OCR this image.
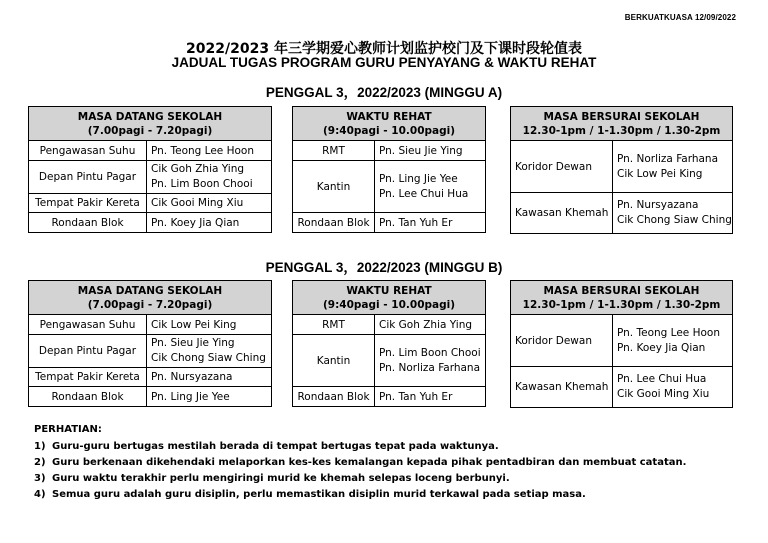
BERKUATKUASA 12/09/2022
2022/2023 年三学期爱心教师计划监护校门及下课时段轮值表
JADUAL TUGAS PROGRAM GURU PENYAYANG & WAKTU REHAT
PENGGAL 3，2022/2023 (MINGGU A)
MASA DATANG SEKOLAH
(7.00pagi - 7.20pagi)	
Pengawasan Suhu	Pn. Teong Lee Hoon
Depan Pintu Pagar	Cik Goh Zhia Ying
Pn. Lim Boon Chooi
Tempat Pakir Kereta	Cik Gooi Ming Xiu
Rondaan Blok	Pn. Koey Jia Qian
WAKTU REHAT
(9:40pagi - 10.00pagi)	
RMT	Pn. Sieu Jie Ying
Kantin	Pn. Ling Jie Yee
Pn. Lee Chui Hua
Rondaan Blok	Pn. Tan Yuh Er
MASA BERSURAI SEKOLAH
12.30-1pm / 1-1.30pm / 1.30-2pm	
Koridor Dewan	Pn. Norliza Farhana
Cik Low Pei King
Kawasan Khemah	Pn. Nursyazana
Cik Chong Siaw Ching
PENGGAL 3，2022/2023 (MINGGU B)
MASA DATANG SEKOLAH
(7.00pagi - 7.20pagi)	
Pengawasan Suhu	Cik Low Pei King
Depan Pintu Pagar	Pn. Sieu Jie Ying
Cik Chong Siaw Ching
Tempat Pakir Kereta	Pn. Nursyazana
Rondaan Blok	Pn. Ling Jie Yee
WAKTU REHAT
(9:40pagi - 10.00pagi)	
RMT	Cik Goh Zhia Ying
Kantin	Pn. Lim Boon Chooi
Pn. Norliza Farhana
Rondaan Blok	Pn. Tan Yuh Er
MASA BERSURAI SEKOLAH
12.30-1pm / 1-1.30pm / 1.30-2pm	
Koridor Dewan	Pn. Teong Lee Hoon
Pn. Koey Jia Qian
Kawasan Khemah	Pn. Lee Chui Hua
Cik Gooi Ming Xiu
PERHATIAN:
1) Guru-guru bertugas mestilah berada di tempat bertugas tepat pada waktunya.
2) Guru berkenaan dikehendaki melaporkan kes-kes kemalangan kepada pihak pentadbiran dan membuat catatan.
3) Guru waktu terakhir perlu mengiringi murid ke khemah selepas loceng berbunyi.
4) Semua guru adalah guru disiplin, perlu memastikan disiplin murid terkawal pada setiap masa.
